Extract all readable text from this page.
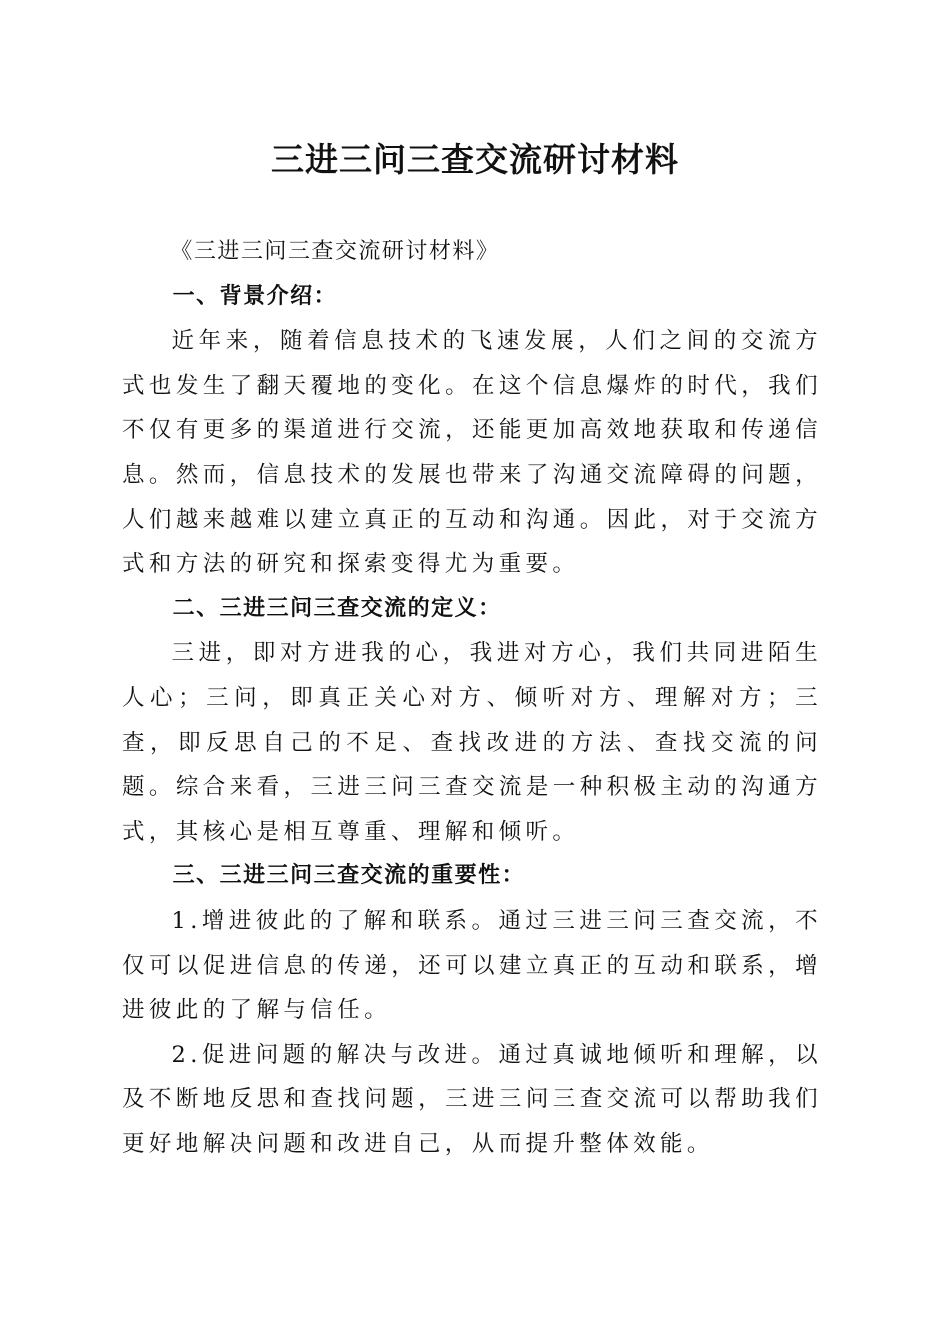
三进三问三查交流研讨材料

《三进三问三查交流研讨材料》

一、背景介绍：

近年来，随着信息技术的飞速发展，人们之间的交流方式也发生了翻天覆地的变化。在这个信息爆炸的时代，我们不仅有更多的渠道进行交流，还能更加高效地获取和传递信息。然而，信息技术的发展也带来了沟通交流障碍的问题，人们越来越难以建立真正的互动和沟通。因此，对于交流方式和方法的研究和探索变得尤为重要。

二、三进三问三查交流的定义：

三进，即对方进我的心，我进对方心，我们共同进陌生人心；三问，即真正关心对方、倾听对方、理解对方；三查，即反思自己的不足、查找改进的方法、查找交流的问题。综合来看，三进三问三查交流是一种积极主动的沟通方式，其核心是相互尊重、理解和倾听。

三、三进三问三查交流的重要性：

1.增进彼此的了解和联系。通过三进三问三查交流，不仅可以促进信息的传递，还可以建立真正的互动和联系，增进彼此的了解与信任。

2.促进问题的解决与改进。通过真诚地倾听和理解，以及不断地反思和查找问题，三进三问三查交流可以帮助我们更好地解决问题和改进自己，从而提升整体效能。
